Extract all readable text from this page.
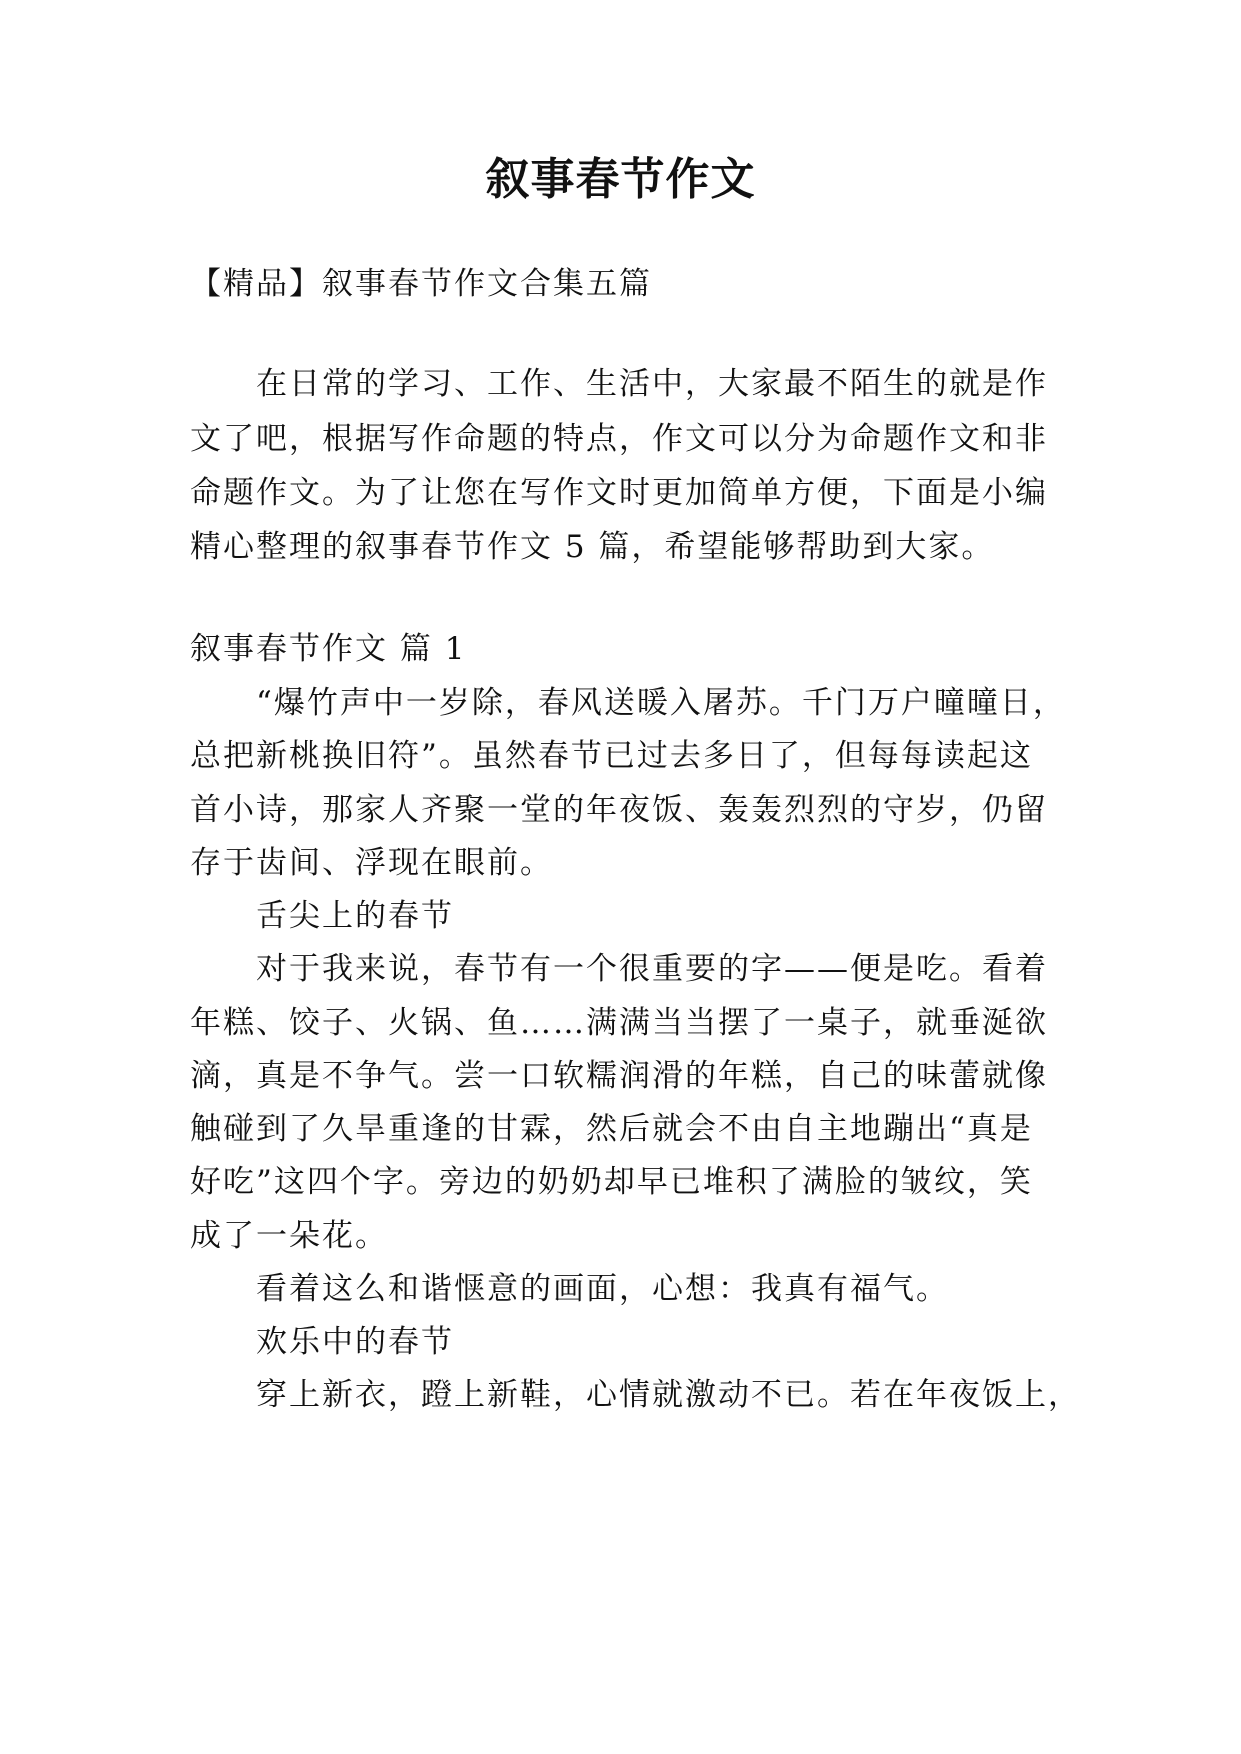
叙事春节作文
【精品】叙事春节作文合集五篇
在日常的学习、工作、生活中，大家最不陌生的就是作
文了吧，根据写作命题的特点，作文可以分为命题作文和非
命题作文。为了让您在写作文时更加简单方便，下面是小编
精心整理的叙事春节作文 5 篇，希望能够帮助到大家。
叙事春节作文 篇 1
“爆竹声中一岁除，春风送暖入屠苏。千门万户曈曈日，
总把新桃换旧符”。虽然春节已过去多日了，但每每读起这
首小诗，那家人齐聚一堂的年夜饭、轰轰烈烈的守岁，仍留
存于齿间、浮现在眼前。
舌尖上的春节
对于我来说，春节有一个很重要的字——便是吃。看着
年糕、饺子、火锅、鱼……满满当当摆了一桌子，就垂涎欲
滴，真是不争气。尝一口软糯润滑的年糕，自己的味蕾就像
触碰到了久旱重逢的甘霖，然后就会不由自主地蹦出“真是
好吃”这四个字。旁边的奶奶却早已堆积了满脸的皱纹，笑
成了一朵花。
看着这么和谐惬意的画面，心想：我真有福气。
欢乐中的春节
穿上新衣，蹬上新鞋，心情就激动不已。若在年夜饭上，
